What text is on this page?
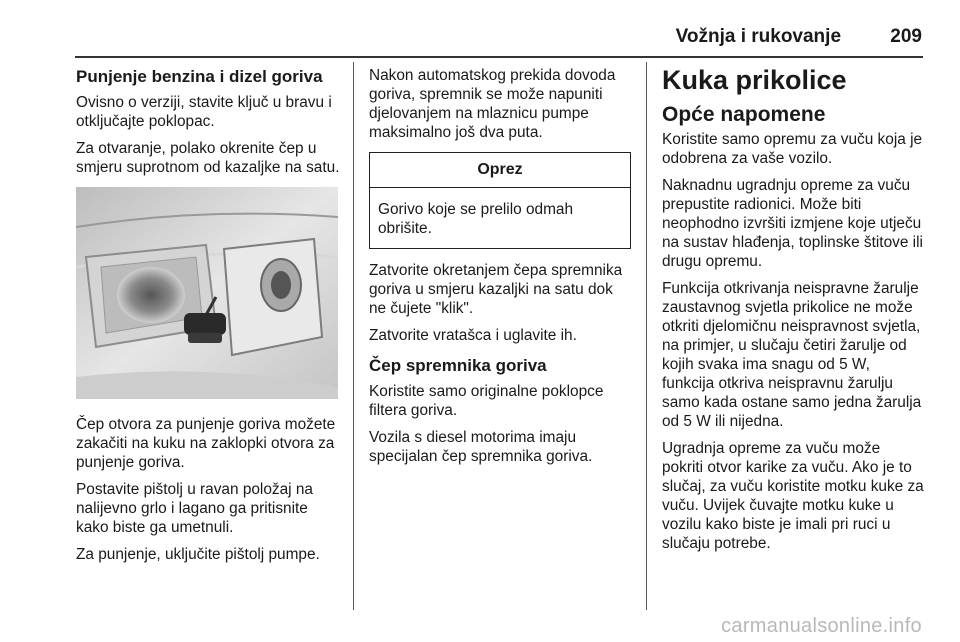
Vožnja i rukovanje	209
Punjenje benzina i dizel goriva

Ovisno o verziji, stavite ključ u bravu i otključajte poklopac.

Za otvaranje, polako okrenite čep u smjeru suprotnom od kazaljke na satu.

Čep otvora za punjenje goriva možete zakačiti na kuku na zaklopki otvora za punjenje goriva.

Postavite pištolj u ravan položaj na nalijevno grlo i lagano ga pritisnite kako biste ga umetnuli.

Za punjenje, uključite pištolj pumpe.

Nakon automatskog prekida dovoda goriva, spremnik se može napuniti djelovanjem na mlaznicu pumpe maksimalno još dva puta.

Oprez
Gorivo koje se prelilo odmah obrišite.

Zatvorite okretanjem čepa spremnika goriva u smjeru kazaljki na satu dok ne čujete "klik".

Zatvorite vratašca i uglavite ih.

Čep spremnika goriva

Koristite samo originalne poklopce filtera goriva.

Vozila s diesel motorima imaju specijalan čep spremnika goriva.

Kuka prikolice
Opće napomene

Koristite samo opremu za vuču koja je odobrena za vaše vozilo.

Naknadnu ugradnju opreme za vuču prepustite radionici. Može biti neophodno izvršiti izmjene koje utječu na sustav hlađenja, toplinske štitove ili drugu opremu.

Funkcija otkrivanja neispravne žarulje zaustavnog svjetla prikolice ne može otkriti djelomičnu neispravnost svjetla, na primjer, u slučaju četiri žarulje od kojih svaka ima snagu od 5 W, funkcija otkriva neispravnu žarulju samo kada ostane samo jedna žarulja od 5 W ili nijedna.

Ugradnja opreme za vuču može pokriti otvor karike za vuču. Ako je to slučaj, za vuču koristite motku kuke za vuču. Uvijek čuvajte motku kuke u vozilu kako biste je imali pri ruci u slučaju potrebe.

carmanualsonline.info
